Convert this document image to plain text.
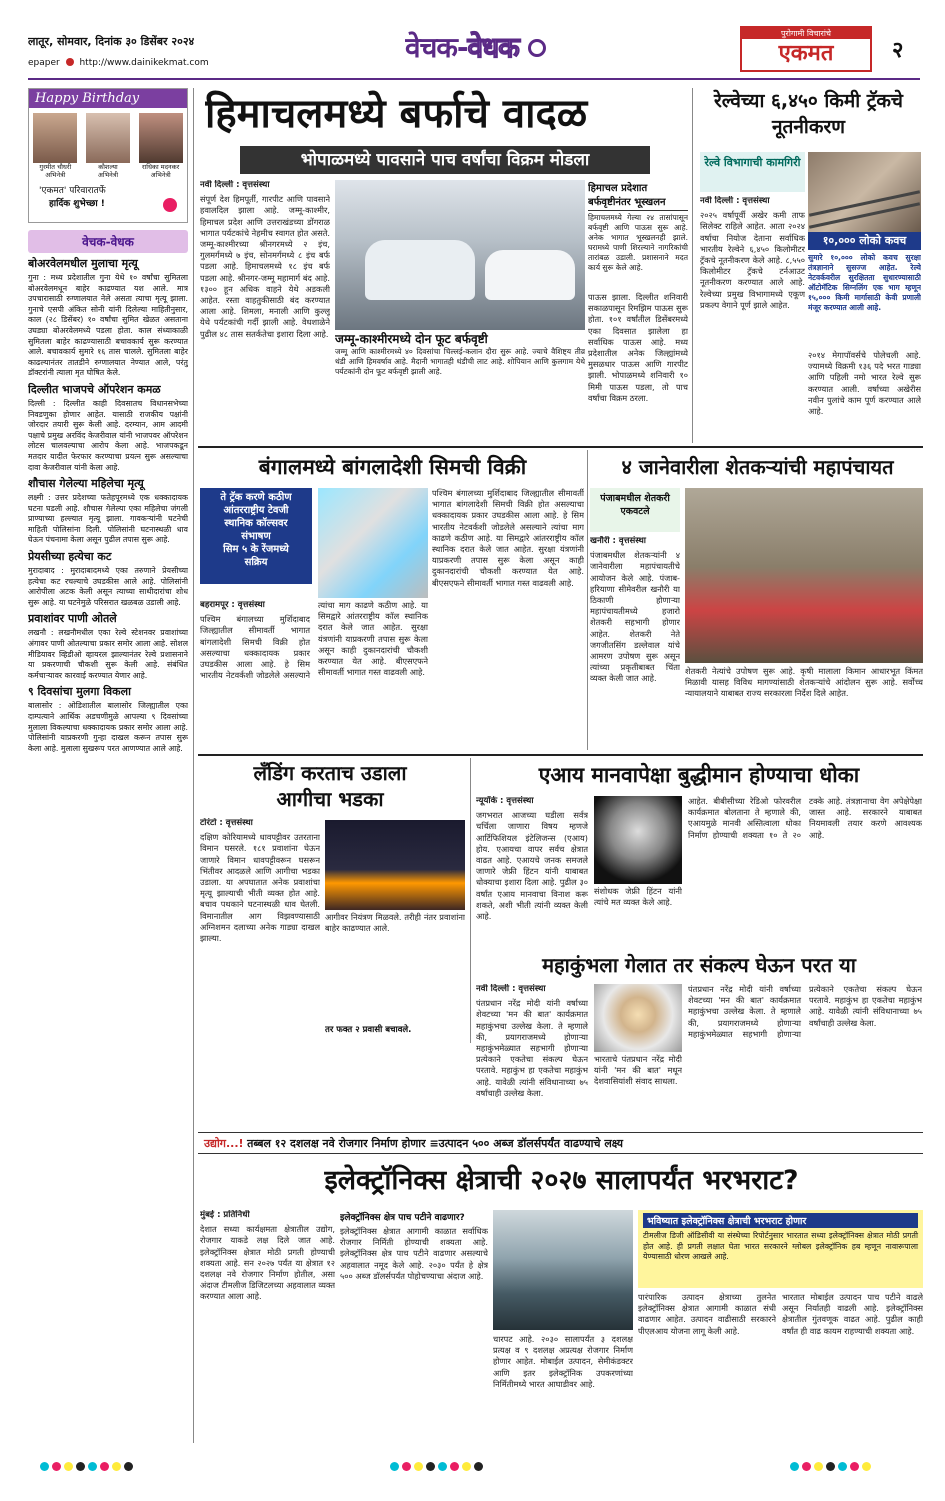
लातूर, सोमवार, दिनांक ३० डिसेंबर २०२४
epaper http://www.dainikekmat.com	वेचक-वेधक	पुरोगामी विचारांचे
एकमत	२
Happy Birthday
गुरमीत चौधरी
अभिनेत्री
कौशल्या
अभिनेत्री
राधिका मदनकर
अभिनेत्री
'एकमत' परिवारातर्फे
हार्दिक शुभेच्छा !
वेचक-वेधक
बोअरवेलमधील मुलाचा मृत्यू

गुना : मध्य प्रदेशातील गुना येथे १० वर्षांचा सुमितला बोअरवेलमधून बाहेर काढण्यात यश आले. मात्र उपचारासाठी रुग्णालयात नेले असता त्याचा मृत्यू झाला. गुनाचे एसपी अंकित सोनी यांनी दिलेल्या माहितीनुसार, काल (२८ डिसेंबर) १० वर्षांचा सुमित खेळत असताना उघड्या बोअरवेलमध्ये पडला होता. काल संध्याकाळी सुमितला बाहेर काढण्यासाठी बचावकार्य सुरू करण्यात आले. बचावकार्य सुमारे १६ तास चालले. सुमितला बाहेर काढल्यानंतर तातडीने रुग्णालयात नेण्यात आले, परंतु डॉक्टरांनी त्याला मृत घोषित केले.

दिल्लीत भाजपचे ऑपरेशन कमळ

दिल्ली : दिल्लीत काही दिवसातच विधानसभेच्या निवडणुका होणार आहेत. यासाठी राजकीय पक्षांनी जोरदार तयारी सुरू केली आहे. दरम्यान, आम आदमी पक्षाचे प्रमुख अरविंद केजरीवाल यांनी भाजपवर ऑपरेशन लोटस चालवल्याचा आरोप केला आहे. भाजपकडून मतदार यादीत फेरफार करण्याचा प्रयत्न सुरू असल्याचा दावा केजरीवाल यांनी केला आहे.

शौचास गेलेल्या महिलेचा मृत्यू

लक्ष्मी : उत्तर प्रदेशच्या फतेहपूरमध्ये एक धक्कादायक घटना घडली आहे. शौचास गेलेल्या एका महिलेचा जंगली प्राण्याच्या हल्ल्यात मृत्यू झाला. गावकऱ्यांनी घटनेची माहिती पोलिसांना दिली. पोलिसांनी घटनास्थळी धाव घेऊन पंचनामा केला असून पुढील तपास सुरू आहे.

प्रेयसीच्या हत्येचा कट

मुरादाबाद : मुरादाबादमध्ये एका तरुणाने प्रेयसीच्या हत्येचा कट रचल्याचे उघडकीस आले आहे. पोलिसांनी आरोपीला अटक केली असून त्याच्या साथीदारांचा शोध सुरू आहे. या घटनेमुळे परिसरात खळबळ उडाली आहे.

प्रवाशांवर पाणी ओतले

लखनौ : लखनौमधील एका रेल्वे स्टेशनवर प्रवाशांच्या अंगावर पाणी ओतल्याचा प्रकार समोर आला आहे. सोशल मीडियावर व्हिडीओ व्हायरल झाल्यानंतर रेल्वे प्रशासनाने या प्रकरणाची चौकशी सुरू केली आहे. संबंधित कर्मचाऱ्यावर कारवाई करण्यात येणार आहे.

९ दिवसांचा मुलगा विकला

बालासोर : ओडिशातील बालासोर जिल्ह्यातील एका दाम्पत्याने आर्थिक अडचणीमुळे आपल्या ९ दिवसांच्या मुलाला विकल्याचा धक्कादायक प्रकार समोर आला आहे. पोलिसांनी याप्रकरणी गुन्हा दाखल करून तपास सुरू केला आहे. मुलाला सुखरूप परत आणण्यात आले आहे.

हिमाचलमध्ये बर्फाचे वादळ
भोपाळमध्ये पावसाने पाच वर्षांचा विक्रम मोडला
नवी दिल्ली : वृत्तसंस्था
संपूर्ण देश हिमपूर्ती, गारपीट आणि पावसाने हवालदिल झाला आहे. जम्मू-काश्मीर, हिमाचल प्रदेश आणि उत्तराखंडच्या डोंगराळ भागात पर्यटकांचे नेहमीच स्वागत होत असते. जम्मू-काश्मीरच्या श्रीनगरमध्ये २ इंच, गुलमर्गमध्ये ७ इंच, सोनमर्गमध्ये ८ इंच बर्फ पडला आहे. हिमाचलमध्ये १८ इंच बर्फ पडला आहे. श्रीनगर-जम्मू महामार्ग बंद आहे. १३०० हून अधिक वाहने येथे अडकली आहेत. रस्ता वाहतुकीसाठी बंद करण्यात आला आहे. शिमला, मनाली आणि कुल्लू येथे पर्यटकांची गर्दी झाली आहे. वेधशाळेने पुढील ४८ तास सतर्कतेचा इशारा दिला आहे. जम्मू-काश्मीरमध्ये दोन फूट बर्फवृष्टी
जम्मू आणि काश्मीरमध्ये ४० दिवसांचा चिल्लई-कलान दौरा सुरू आहे. ज्याचे वैशिष्ट्य तीव्र थंडी आणि हिमवर्षाव आहे. मैदानी भागातही थंडीची लाट आहे. शोपियान आणि कुलगाम येथे पर्यटकांनी दोन फूट बर्फवृष्टी झाली आहे.
हिमाचल प्रदेशात
बर्फवृष्टीनंतर भूस्खलन
हिमाचलमध्ये गेल्या २४ तासांपासून बर्फवृष्टी आणि पाऊस सुरू आहे. अनेक भागात भूस्खलनही झाले. घरामध्ये पाणी शिरल्याने नागरिकांची तारांबळ उडाली. प्रशासनाने मदत कार्य सुरू केले आहे.
पाऊस झाला. दिल्लीत शनिवारी सकाळपासून रिमझिम पाऊस सुरू होता. १०१ वर्षांतील डिसेंबरमध्ये एका दिवसात झालेला हा सर्वाधिक पाऊस आहे. मध्य प्रदेशातील अनेक जिल्ह्यांमध्ये मुसळधार पाऊस आणि गारपीट झाली. भोपाळमध्ये शनिवारी १० मिमी पाऊस पडला, तो पाच वर्षांचा विक्रम ठरला.
रेल्वेच्या ६,४५० किमी ट्रॅकचे नूतनीकरण
रेल्वे विभागाची कामगिरी
नवी दिल्ली : वृत्तसंस्था
२०२५ वर्षापूर्वी अखेर कमी ताफ सिलेक्ट राहिले आहेत. आता २०२४ वर्षाचा नियोज देताना सर्वाधिक भारतीय रेल्वेने ६,४५० किलोमीटर ट्रॅकचे नूतनीकरण केले आहे. ८,५५० किलोमीटर ट्रॅकचे टर्नआउट नूतनीकरण करण्यात आले आहे. रेल्वेच्या प्रमुख विभागामध्ये एकूण प्रकल्प वेगाने पूर्ण झाले आहेत.
१०,००० लोको कवच
सुमारे १०,००० लोको कवच सुरक्षा तंत्रज्ञानाने सुसज्ज आहेत. रेल्वे नेटवर्कवरील सुरक्षितता सुधारण्यासाठी ऑटोमॅटिक सिग्नलिंग एक भाग म्हणून १५,००० किमी मार्गासाठी केवी प्रणाली मंजूर करण्यात आली आहे.
२०१४ मेगापॉवर्सचे पोलेचली आहे. ज्यामध्ये विक्रमी १३६ पदे भरत गाड्या आणि पहिली नमो भारत रेल्वे सुरू करण्यात आली. वर्षाच्या अखेरीस नवीन पुलांचे काम पूर्ण करण्यात आले आहे.
बंगालमध्ये बांगलादेशी सिमची विक्री
ते ट्रॅक करणे कठीण
आंतरराष्ट्रीय टेवजी
स्थानिक कॉल्सवर
संभाषण
सिम ५ के रेंजमध्ये
सक्रिय
बहरामपूर : वृत्तसंस्था
पश्चिम बंगालच्या मुर्शिदाबाद जिल्ह्यातील सीमावर्ती भागात बांगलादेशी सिमची विक्री होत असल्याचा धक्कादायक प्रकार उघडकीस आला आहे. हे सिम भारतीय नेटवर्कशी जोडलेले असल्याने त्यांचा माग काढणे कठीण आहे. या सिमद्वारे आंतरराष्ट्रीय कॉल स्थानिक दरात केले जात आहेत. सुरक्षा यंत्रणांनी याप्रकरणी तपास सुरू केला असून काही दुकानदारांची चौकशी करण्यात येत आहे. बीएसएफने सीमावर्ती भागात गस्त वाढवली आहे.
पश्चिम बंगालच्या मुर्शिदाबाद जिल्ह्यातील सीमावर्ती भागात बांगलादेशी सिमची विक्री होत असल्याचा धक्कादायक प्रकार उघडकीस आला आहे. हे सिम भारतीय नेटवर्कशी जोडलेले असल्याने त्यांचा माग काढणे कठीण आहे. या सिमद्वारे आंतरराष्ट्रीय कॉल स्थानिक दरात केले जात आहेत. सुरक्षा यंत्रणांनी याप्रकरणी तपास सुरू केला असून काही दुकानदारांची चौकशी करण्यात येत आहे. बीएसएफने सीमावर्ती भागात गस्त वाढवली आहे.
४ जानेवारीला शेतकऱ्यांची महापंचायत
पंजाबमधील शेतकरी
एकवटले
खनौरी : वृत्तसंस्था
पंजाबमधील शेतकऱ्यांनी ४ जानेवारीला महापंचायतीचे आयोजन केले आहे. पंजाब-हरियाणा सीमेवरील खनौरी या ठिकाणी होणाऱ्या महापंचायतीमध्ये हजारो शेतकरी सहभागी होणार आहेत. शेतकरी नेते जगजीतसिंग डल्लेवाल यांचे आमरण उपोषण सुरू असून त्यांच्या प्रकृतीबाबत चिंता व्यक्त केली जात आहे.
शेतकरी नेत्यांचे उपोषण सुरू आहे. कृषी मालाला किमान आधारभूत किंमत मिळावी यासह विविध मागण्यांसाठी शेतकऱ्यांचे आंदोलन सुरू आहे. सर्वोच्च न्यायालयाने याबाबत राज्य सरकारला निर्देश दिले आहेत.
लँडिंग करताच उडाला
आगीचा भडका
टोरंटो : वृत्तसंस्था
दक्षिण कोरियामध्ये धावपट्टीवर उतरताना विमान घसरले. १८१ प्रवाशांना घेऊन जाणारे विमान धावपट्टीवरून घसरून भिंतीवर आदळले आणि आगीचा भडका उडाला. या अपघातात अनेक प्रवाशांचा मृत्यू झाल्याची भीती व्यक्त होत आहे. बचाव पथकाने घटनास्थळी धाव घेतली. विमानातील आग विझवण्यासाठी अग्निशमन दलाच्या अनेक गाड्या दाखल झाल्या.
आगीवर नियंत्रण मिळवले. तरीही नंतर प्रवाशांना बाहेर काढण्यात आले.
तर फक्त २ प्रवासी बचावले.
एआय मानवापेक्षा बुद्धीमान होण्याचा धोका
न्यूयॉर्क : वृत्तसंस्था
जगभरात आजच्या घडीला सर्वत्र चर्चिला जाणारा विषय म्हणजे आर्टिफिशियल इंटेलिजन्स (एआय) होय. एआयचा वापर सर्वच क्षेत्रात वाढत आहे. एआयचे जनक समजले जाणारे जेफ्री हिंटन यांनी याबाबत धोक्याचा इशारा दिला आहे. पुढील ३० वर्षांत एआय मानवाचा विनाश करू शकते, अशी भीती त्यांनी व्यक्त केली आहे.
संशोधक जेफ्री हिंटन यांनी त्यांचे मत व्यक्त केले आहे.
आहेत. बीबीसीच्या रेडिओ फोरवरील कार्यक्रमात बोलताना ते म्हणाले की, एआयमुळे मानवी अस्तित्वाला धोका निर्माण होण्याची शक्यता १० ते २० टक्के आहे. तंत्रज्ञानाचा वेग अपेक्षेपेक्षा जास्त आहे. सरकारने याबाबत नियमावली तयार करणे आवश्यक आहे.
महाकुंभला गेलात तर संकल्प घेऊन परत या
नवी दिल्ली : वृत्तसंस्था
पंतप्रधान नरेंद्र मोदी यांनी वर्षाच्या शेवटच्या 'मन की बात' कार्यक्रमात महाकुंभचा उल्लेख केला. ते म्हणाले की, प्रयागराजमध्ये होणाऱ्या महाकुंभमेळ्यात सहभागी होणाऱ्या प्रत्येकाने एकतेचा संकल्प घेऊन परतावे. महाकुंभ हा एकतेचा महाकुंभ आहे. यावेळी त्यांनी संविधानाच्या ७५ वर्षांचाही उल्लेख केला.
भारताचे पंतप्रधान नरेंद्र मोदी यांनी 'मन की बात' मधून देशवासियांशी संवाद साधला.
पंतप्रधान नरेंद्र मोदी यांनी वर्षाच्या शेवटच्या 'मन की बात' कार्यक्रमात महाकुंभचा उल्लेख केला. ते म्हणाले की, प्रयागराजमध्ये होणाऱ्या महाकुंभमेळ्यात सहभागी होणाऱ्या प्रत्येकाने एकतेचा संकल्प घेऊन परतावे. महाकुंभ हा एकतेचा महाकुंभ आहे. यावेळी त्यांनी संविधानाच्या ७५ वर्षांचाही उल्लेख केला.
उद्योग...! तब्बल १२ दशलक्ष नवे रोजगार निर्माण होणार ≡उत्पादन ५०० अब्ज डॉलर्सपर्यंत वाढण्याचे लक्ष्य
इलेक्ट्रॉनिक्स क्षेत्राची २०२७ सालापर्यंत भरभराट?
मुंबई : प्रतिनिधी
देशात सध्या कार्यक्षमता क्षेत्रातील उद्योग, रोजगार याकडे लक्ष दिले जात आहे. इलेक्ट्रॉनिक्स क्षेत्रात मोठी प्रगती होण्याची शक्यता आहे. सन २०२७ पर्यंत या क्षेत्रात १२ दशलक्ष नवे रोजगार निर्माण होतील, असा अंदाज टीमलीज डिजिटलच्या अहवालात व्यक्त करण्यात आला आहे.
इलेक्ट्रॉनिक्स क्षेत्र पाच पटीने वाढणार?
इलेक्ट्रॉनिक्स क्षेत्रात आगामी काळात सर्वाधिक रोजगार निर्मिती होण्याची शक्यता आहे. इलेक्ट्रॉनिक्स क्षेत्र पाच पटीने वाढणार असल्याचे अहवालात नमूद केले आहे. २०३० पर्यंत हे क्षेत्र ५०० अब्ज डॉलर्सपर्यंत पोहोचण्याचा अंदाज आहे.
चारपट आहे. २०३० सालापर्यंत ३ दशलक्ष प्रत्यक्ष व ९ दशलक्ष अप्रत्यक्ष रोजगार निर्माण होणार आहेत. मोबाईल उत्पादन, सेमीकंडक्टर आणि इतर इलेक्ट्रॉनिक उपकरणांच्या निर्मितीमध्ये भारत आघाडीवर आहे.
भविष्यात इलेक्ट्रॉनिक्स क्षेत्राची भरभराट होणार
टीमलीज डिजी ऑडिसीवी या संस्थेच्या रिपोर्टनुसार भारतात सध्या इलेक्ट्रॉनिक्स क्षेत्रात मोठी प्रगती होत आहे. ही प्रगती लक्षात घेता भारत सरकारने ग्लोबल इलेक्ट्रॉनिक हब म्हणून नावारूपाला येण्यासाठी धोरण आखले आहे.
पारंपारिक उत्पादन क्षेत्राच्या तुलनेत इलेक्ट्रॉनिक्स क्षेत्रात आगामी काळात संधी वाढणार आहेत. उत्पादन वाढीसाठी सरकारने पीएलआय योजना लागू केली आहे.
भारतात मोबाईल उत्पादन पाच पटीने वाढले असून निर्यातही वाढली आहे. इलेक्ट्रॉनिक्स क्षेत्रातील गुंतवणूक वाढत आहे. पुढील काही वर्षांत ही वाढ कायम राहण्याची शक्यता आहे.
